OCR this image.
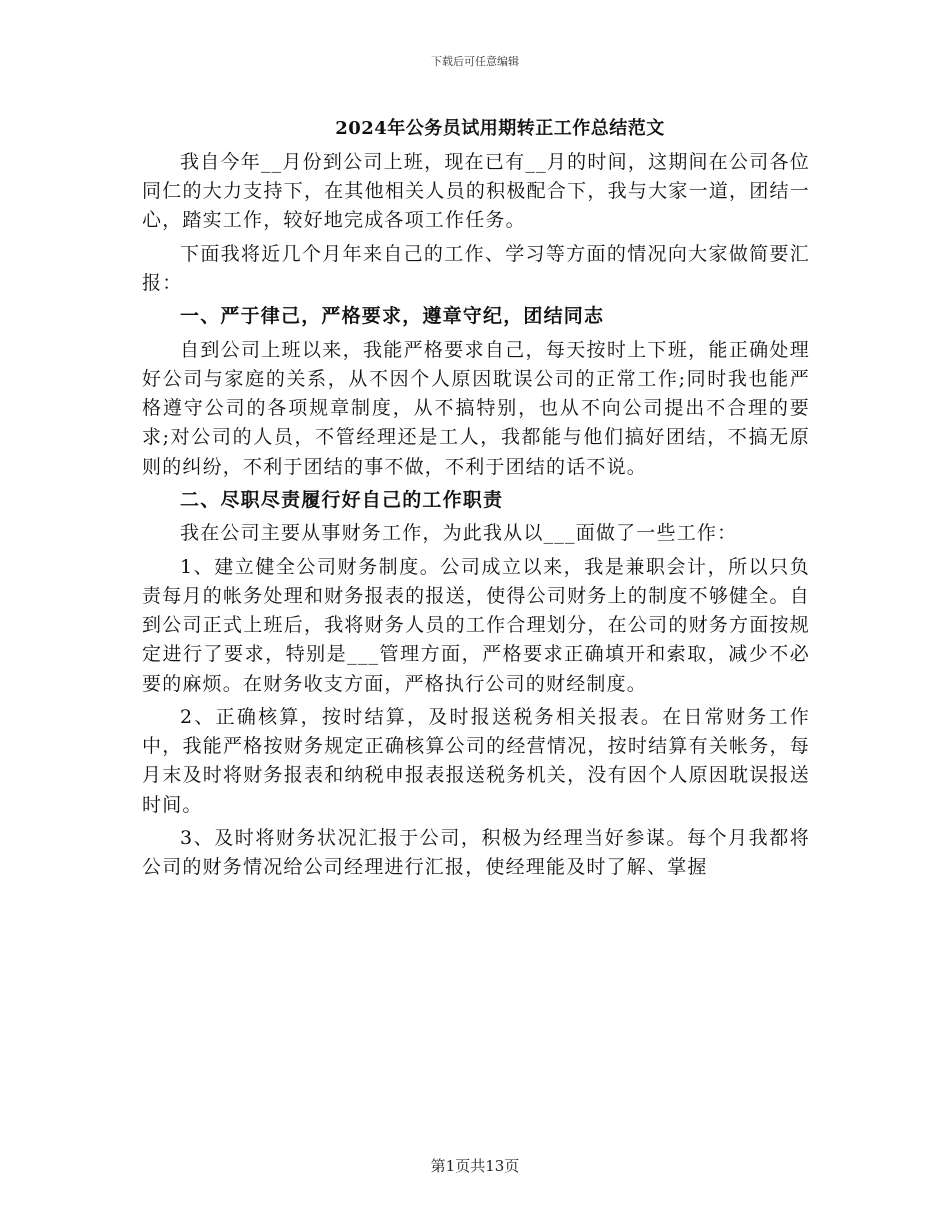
下载后可任意编辑
2024年公务员试用期转正工作总结范文

我自今年__月份到公司上班，现在已有__月的时间，这期间在公司各位同仁的大力支持下，在其他相关人员的积极配合下，我与大家一道，团结一心，踏实工作，较好地完成各项工作任务。

下面我将近几个月年来自己的工作、学习等方面的情况向大家做简要汇报：

一、严于律己，严格要求，遵章守纪，团结同志

自到公司上班以来，我能严格要求自己，每天按时上下班，能正确处理好公司与家庭的关系，从不因个人原因耽误公司的正常工作;同时我也能严格遵守公司的各项规章制度，从不搞特别，也从不向公司提出不合理的要求;对公司的人员，不管经理还是工人，我都能与他们搞好团结，不搞无原则的纠纷，不利于团结的事不做，不利于团结的话不说。

二、尽职尽责履行好自己的工作职责

我在公司主要从事财务工作，为此我从以___面做了一些工作：

1、建立健全公司财务制度。公司成立以来，我是兼职会计，所以只负责每月的帐务处理和财务报表的报送，使得公司财务上的制度不够健全。自到公司正式上班后，我将财务人员的工作合理划分，在公司的财务方面按规定进行了要求，特别是___管理方面，严格要求正确填开和索取，减少不必要的麻烦。在财务收支方面，严格执行公司的财经制度。

2、正确核算，按时结算，及时报送税务相关报表。在日常财务工作中，我能严格按财务规定正确核算公司的经营情况，按时结算有关帐务，每月末及时将财务报表和纳税申报表报送税务机关，没有因个人原因耽误报送时间。

3、及时将财务状况汇报于公司，积极为经理当好参谋。每个月我都将公司的财务情况给公司经理进行汇报，使经理能及时了解、掌握

第1页共13页
